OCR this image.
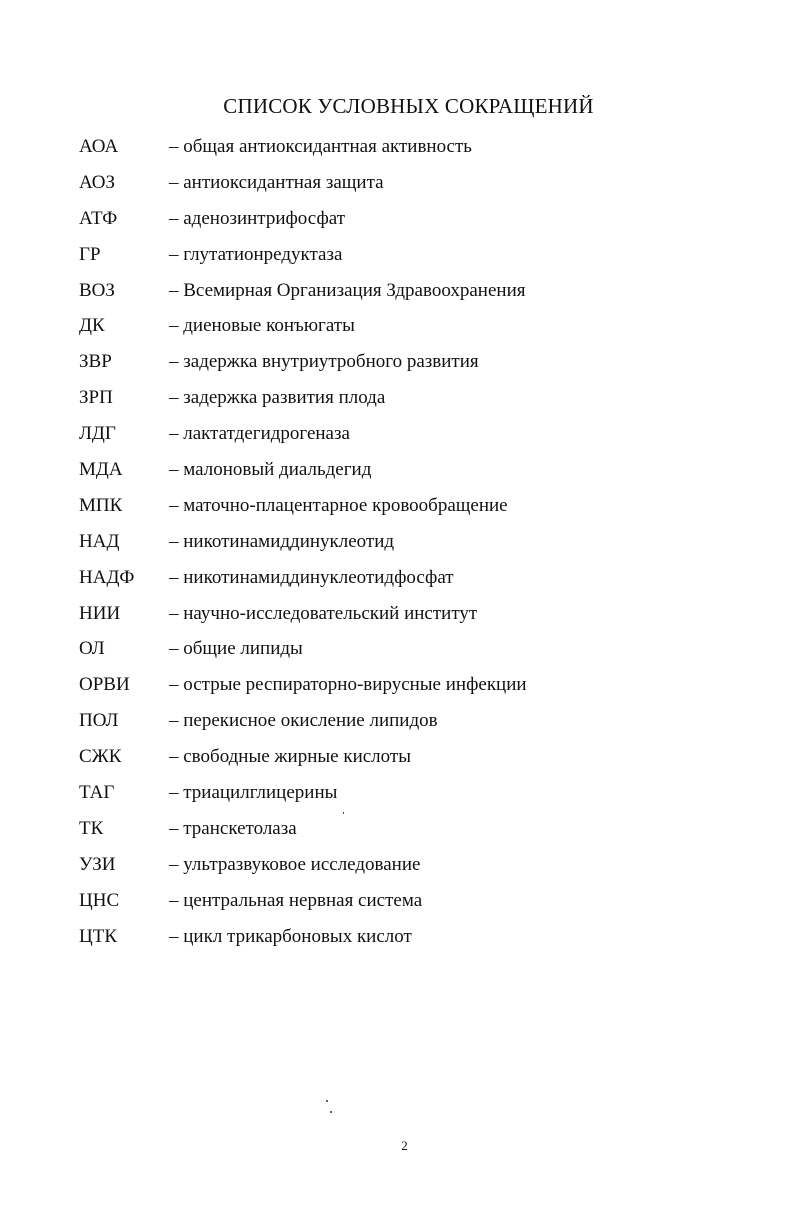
СПИСОК УСЛОВНЫХ СОКРАЩЕНИЙ
АОА	– общая антиоксидантная активность
АОЗ	– антиоксидантная защита
АТФ	– аденозинтрифосфат
ГР	– глутатионредуктаза
ВОЗ	– Всемирная Организация Здравоохранения
ДК	– диеновые конъюгаты
ЗВР	– задержка внутриутробного развития
ЗРП	– задержка развития плода
ЛДГ	– лактатдегидрогеназа
МДА – малоновый диальдегид
МПК – маточно-плацентарное кровообращение
НАД	– никотинамиддинуклеотид
НАДФ – никотинамиддинуклеотидфосфат
НИИ	– научно-исследовательский институт
ОЛ	– общие липиды
ОРВИ – острые респираторно-вирусные инфекции
ПОЛ	– перекисное окисление липидов
СЖК	– свободные жирные кислоты
ТАГ	– триацилглицерины
ТК	– транскетолаза
УЗИ	– ультразвуковое исследование
ЦНС	– центральная нервная система
ЦТК	– цикл трикарбоновых кислот
2
